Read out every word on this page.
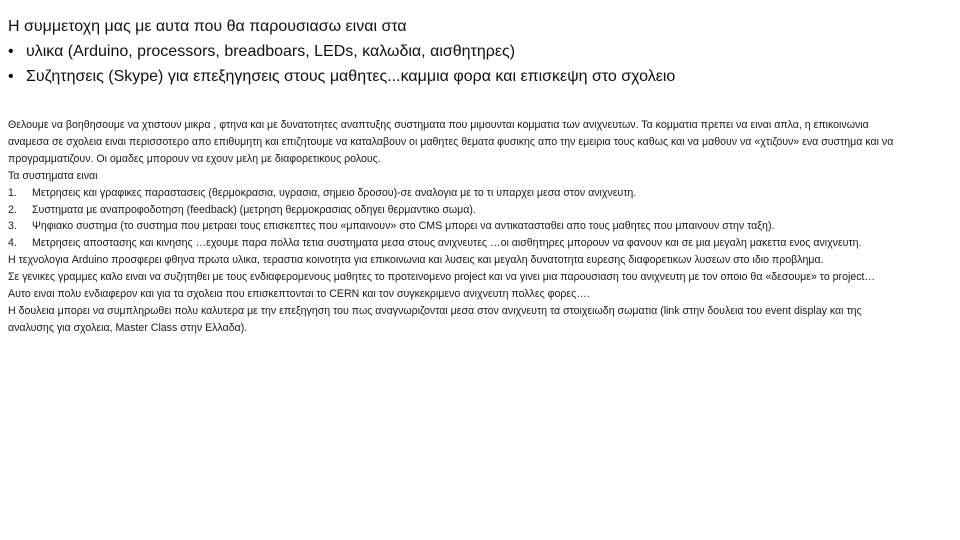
Η συμμετοχη μας με αυτα που θα παρουσιασω ειναι στα

• υλικα (Arduino, processors, breadboars, LEDs, καλωδια, αισθητηρες)
• Συζητησεις (Skype) για επεξηγησεις στους μαθητες...καμμια φορα και επισκεψη στο σχολειο

Θελουμε να βοηθησουμε να χτιστουν μικρα , φτηνα και με δυνατοτητες αναπτυξης συστηματα που μιμουνται κομματια των ανιχνευτων. Τα κομματια πρεπει να ειναι απλα, η επικοινωνια αναμεσα σε σχολεια ειναι περισσοτερο απο επιθυμητη και επιζητουμε να καταλαβουν οι μαθητες θεματα φυσικης απο την εμειρια τους καθως και να μαθουν να «χτιζουν» ενα συστημα και να προγραμματιζουν. Οι ομαδες μπορουν να εχουν μελη με διαφορετικους ρολους.

Τα συστηματα ειναι

1. Μετρησεις και γραφικες παραστασεις (θερμοκρασια, υγρασια, σημειο δροσου)-σε αναλογια με το τι υπαρχει μεσα στον ανιχνευτη.
2. Συστηματα με αναπροφοδοτηση (feedback) (μετρηση θερμοκρασιας οδηγει θερμαντικο σωμα).
3. Ψηφιακο συστημα (το συστημα που μετραει τους επισκεπτες που «μπαινουν» στο CMS μπορει να αντικατασταθει απο τους μαθητες που μπαινουν στην ταξη).
4. Μετρησεις αποστασης και κινησης …εχουμε παρα πολλα τετια συστηματα μεσα στους ανιχνευτες …οι αισθητηρες μπορουν να φανουν και σε μια μεγαλη μακεττα ενος ανιχνευτη.

Η τεχνολογια Arduino προσφερει φθηνα πρωτα υλικα, τεραστια κοινοτητα για επικοινωνια και λυσεις και μεγαλη δυνατοτητα ευρεσης διαφορετικων λυσεων στο ιδιο προβλημα.

Σε γενικες γραμμες καλο ειναι να συζητηθει με τους ενδιαφερομενους μαθητες το προτεινομενο project και να γινει μια παρουσιαση του ανιχνευτη με τον οποιο θα «δεσουμε» το project…

Αυτο ειναι πολυ ενδιαφερον και για τα σχολεια που επισκεπτονται το CERN και τον συγκεκριμενο ανιχνευτη πολλες φορες….

Η δουλεια μπορει να συμπληρωθει πολυ καλυτερα με την επεξηγηση του πως αναγνωριζονται μεσα στον ανιχνευτη τα στοιχειωδη σωματια (link στην δουλεια του event display και της αναλυσης για σχολεια, Master Class στην Ελλαδα).
